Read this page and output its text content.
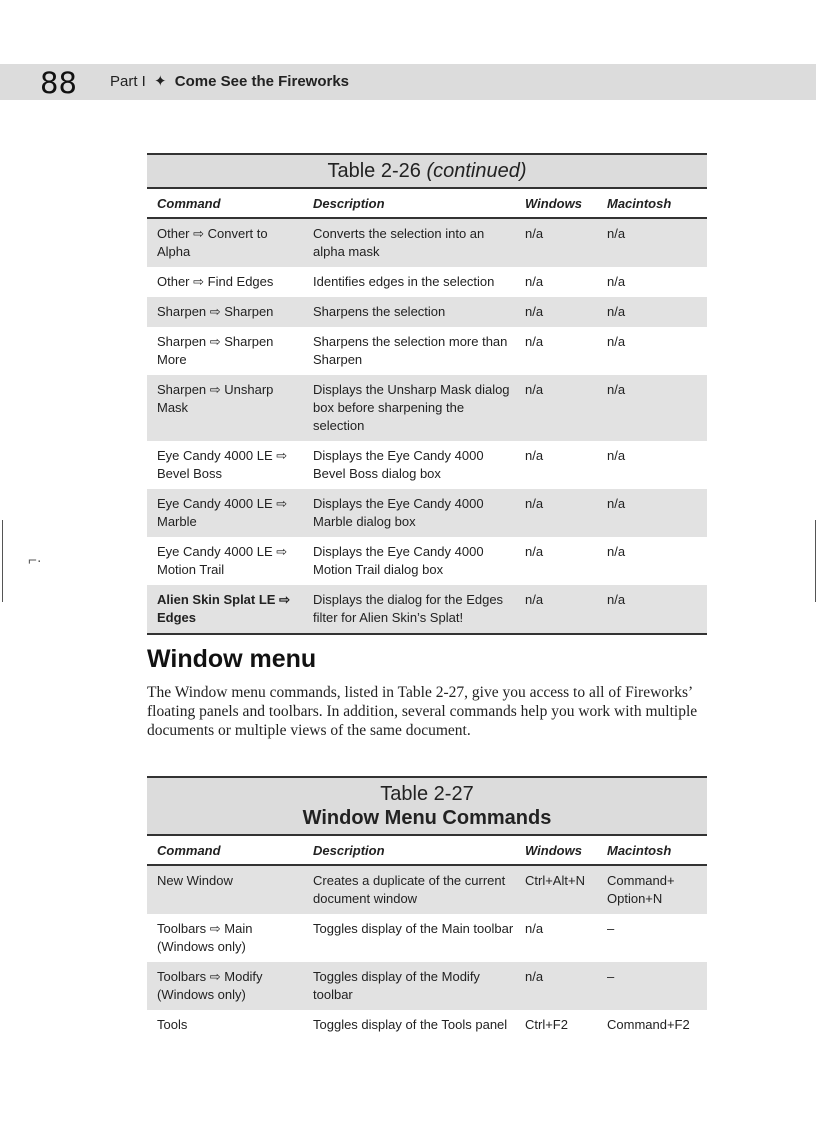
88 Part I ✦ Come See the Fireworks
⌐·
Table 2-26 (continued)			
Command	Description	Windows	Macintosh
Other ⇨ Convert to Alpha	Converts the selection into an alpha mask	n/a	n/a
Other ⇨ Find Edges	Identifies edges in the selection	n/a	n/a
Sharpen ⇨ Sharpen	Sharpens the selection	n/a	n/a
Sharpen ⇨ Sharpen More	Sharpens the selection more than Sharpen	n/a	n/a
Sharpen ⇨ Unsharp Mask	Displays the Unsharp Mask dialog box before sharpening the selection	n/a	n/a
Eye Candy 4000 LE ⇨ Bevel Boss	Displays the Eye Candy 4000 Bevel Boss dialog box	n/a	n/a
Eye Candy 4000 LE ⇨ Marble	Displays the Eye Candy 4000 Marble dialog box	n/a	n/a
Eye Candy 4000 LE ⇨ Motion Trail	Displays the Eye Candy 4000 Motion Trail dialog box	n/a	n/a
Alien Skin Splat LE ⇨ Edges	Displays the dialog for the Edges filter for Alien Skin’s Splat!	n/a	n/a
Window menu

The Window menu commands, listed in Table 2-27, give you access to all of Fireworks’ floating panels and toolbars. In addition, several commands help you work with multiple documents or multiple views of the same document.

Table 2-27
Window Menu Commands			

Command	Description	Windows	Macintosh
New Window	Creates a duplicate of the current document window	Ctrl+Alt+N	Command+ Option+N
Toolbars ⇨ Main (Windows only)	Toggles display of the Main toolbar	n/a	–
Toolbars ⇨ Modify (Windows only)	Toggles display of the Modify toolbar	n/a	–
Tools	Toggles display of the Tools panel	Ctrl+F2	Command+F2
